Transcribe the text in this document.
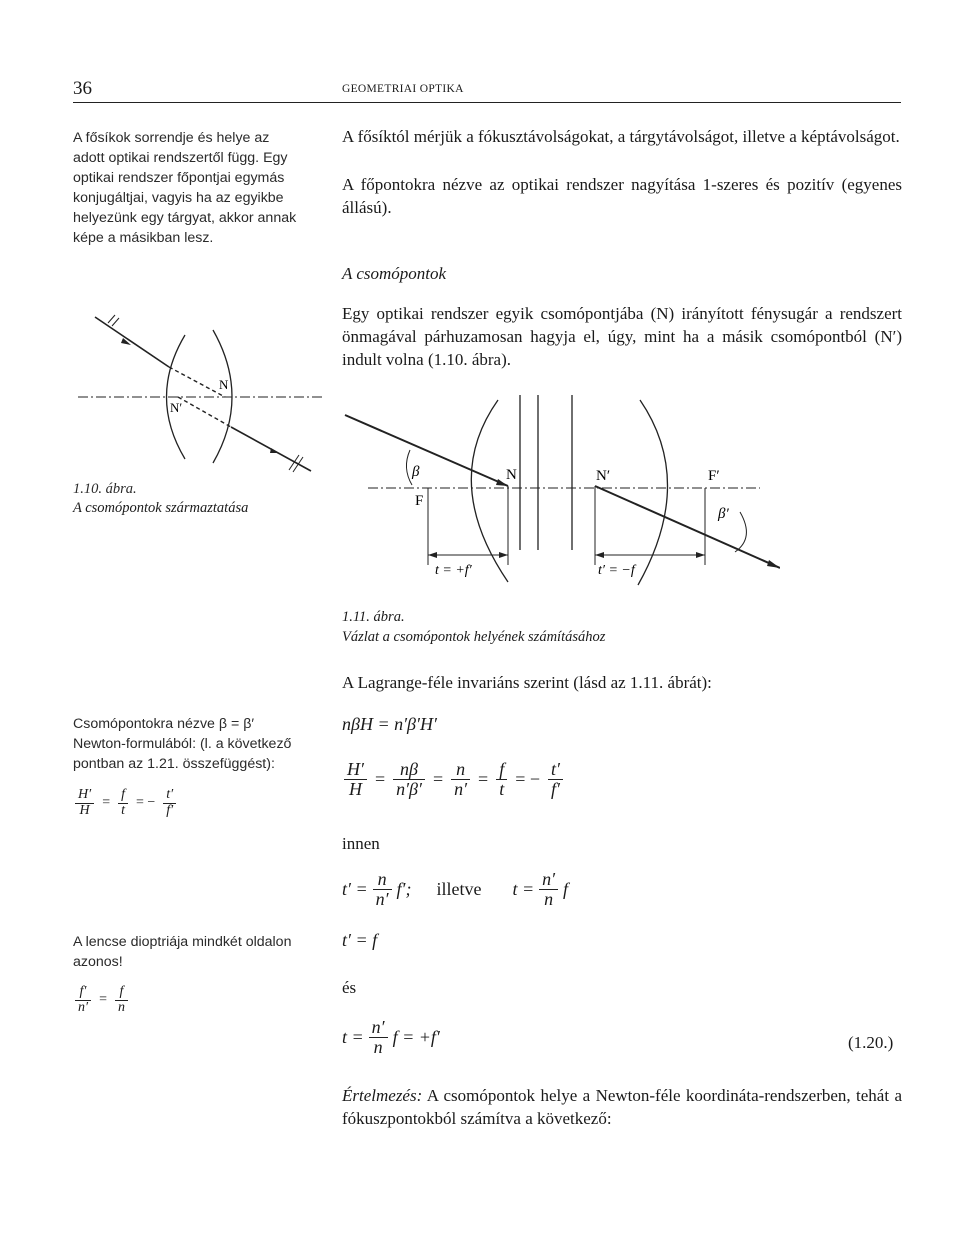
36	GEOMETRIAI OPTIKA
A fősíkok sorrendje és helye az adott optikai rendszertől függ. Egy optikai rendszer főpontjai egymás konjugáltjai, vagyis ha az egyikbe helyezünk egy tárgyat, akkor annak képe a másikban lesz.
A fősíktól mérjük a fókusztávolságokat, a tárgytávolságot, illetve a képtávolságot.
A főpontokra nézve az optikai rendszer nagyítása 1-szeres és pozitív (egyenes állású).
A csomópontok
Egy optikai rendszer egyik csomópontjába (N) irányított fénysugár a rendszert önmagával párhuzamosan hagyja el, úgy, mint ha a másik csomópontból (N′) indult volna (1.10. ábra).
N
N′
1.10. ábra.
A csomópontok származtatása
β	N
F
N′	F′
β′
t = +f′	t′ = −f
1.11. ábra.
Vázlat a csomópontok helyének számításához
A Lagrange-féle invariáns szerint (lásd az 1.11. ábrát):
Csomópontokra nézve β = β′
Newton-formulából: (l. a következő pontban az 1.21. összefüggést):
$\frac{H'}{H} = \frac{f}{t}$ = − $\frac{t'}{f'}$
nβH = n′β′H′
$\frac{H'}{H} = \frac{n\beta}{n'\beta'} = \frac{n}{n'} = \frac{f}{t}$ = − $\frac{t'}{f'}$
innen
$t' = \frac{n}{n'} f'$; illetve $t = \frac{n'}{n}$ f
t′ = f
és
A lencse dioptriája mindkét oldalon azonos!
$\frac{f'}{n'} = \frac{f}{n}$
$t = \frac{n'}{n}$ f = +f′	(1.20.)
Értelmezés: A csomópontok helye a Newton-féle koordináta-rendszerben, tehát a fókuszpontokból számítva a következő:
